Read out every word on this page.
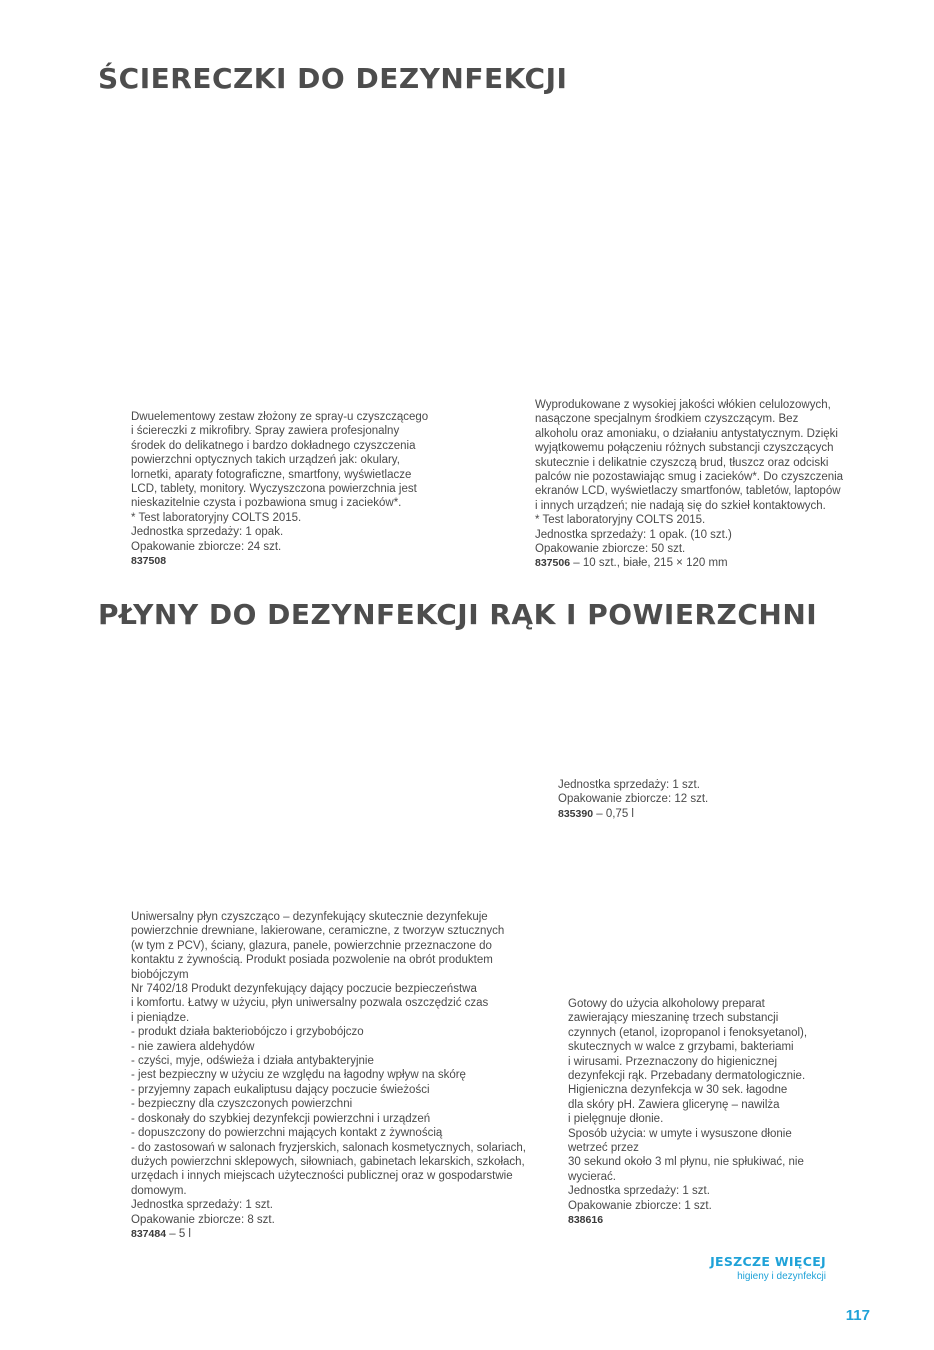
ŚCIERECZKI DO DEZYNFEKCJI
Dwuelementowy zestaw złożony ze spray-u czyszczącego
i ściereczki z mikrofibry. Spray zawiera profesjonalny
środek do delikatnego i bardzo dokładnego czyszczenia
powierzchni optycznych takich urządzeń jak: okulary,
lornetki, aparaty fotograficzne, smartfony, wyświetlacze
LCD, tablety, monitory. Wyczyszczona powierzchnia jest
nieskazitelnie czysta i pozbawiona smug i zacieków*.
* Test laboratoryjny COLTS 2015.
Jednostka sprzedaży: 1 opak.
Opakowanie zbiorcze: 24 szt.
837508
Wyprodukowane z wysokiej jakości włókien celulozowych,
nasączone specjalnym środkiem czyszczącym. Bez
alkoholu oraz amoniaku, o działaniu antystatycznym. Dzięki
wyjątkowemu połączeniu różnych substancji czyszczących
skutecznie i delikatnie czyszczą brud, tłuszcz oraz odciski
palców nie pozostawiając smug i zacieków*. Do czyszczenia
ekranów LCD, wyświetlaczy smartfonów, tabletów, laptopów
i innych urządzeń; nie nadają się do szkieł kontaktowych.
* Test laboratoryjny COLTS 2015.
Jednostka sprzedaży: 1 opak. (10 szt.)
Opakowanie zbiorcze: 50 szt.
837506 – 10 szt., białe, 215 × 120 mm
PŁYNY DO DEZYNFEKCJI RĄK I POWIERZCHNI
Jednostka sprzedaży: 1 szt.
Opakowanie zbiorcze: 12 szt.
835390 – 0,75 l
Uniwersalny płyn czyszcząco – dezynfekujący skutecznie dezynfekuje
powierzchnie drewniane, lakierowane, ceramiczne, z tworzyw sztucznych
(w tym z PCV), ściany, glazura, panele, powierzchnie przeznaczone do
kontaktu z żywnością. Produkt posiada pozwolenie na obrót produktem
biobójczym
Nr 7402/18 Produkt dezynfekujący dający poczucie bezpieczeństwa
i komfortu. Łatwy w użyciu, płyn uniwersalny pozwala oszczędzić czas
i pieniądze.
- produkt działa bakteriobójczo i grzybobójczo
- nie zawiera aldehydów
- czyści, myje, odświeża i działa antybakteryjnie
- jest bezpieczny w użyciu ze względu na łagodny wpływ na skórę
- przyjemny zapach eukaliptusu dający poczucie świeżości
- bezpieczny dla czyszczonych powierzchni
- doskonały do szybkiej dezynfekcji powierzchni i urządzeń
- dopuszczony do powierzchni mających kontakt z żywnością
- do zastosowań w salonach fryzjerskich, salonach kosmetycznych, solariach,
dużych powierzchni sklepowych, siłowniach, gabinetach lekarskich, szkołach,
urzędach i innych miejscach użyteczności publicznej oraz w gospodarstwie
domowym.
Jednostka sprzedaży: 1 szt.
Opakowanie zbiorcze: 8 szt.
837484 – 5 l
Gotowy do użycia alkoholowy preparat
zawierający mieszaninę trzech substancji
czynnych (etanol, izopropanol i fenoksyetanol),
skutecznych w walce z grzybami, bakteriami
i wirusami. Przeznaczony do higienicznej
dezynfekcji rąk. Przebadany dermatologicznie.
Higieniczna dezynfekcja w 30 sek. łagodne
dla skóry pH. Zawiera glicerynę – nawilża
i pielęgnuje dłonie.
Sposób użycia: w umyte i wysuszone dłonie
wetrzeć przez
30 sekund około 3 ml płynu, nie spłukiwać, nie
wycierać.
Jednostka sprzedaży: 1 szt.
Opakowanie zbiorcze: 1 szt.
838616
JESZCZE WIĘCEJ
higieny i dezynfekcji
117
